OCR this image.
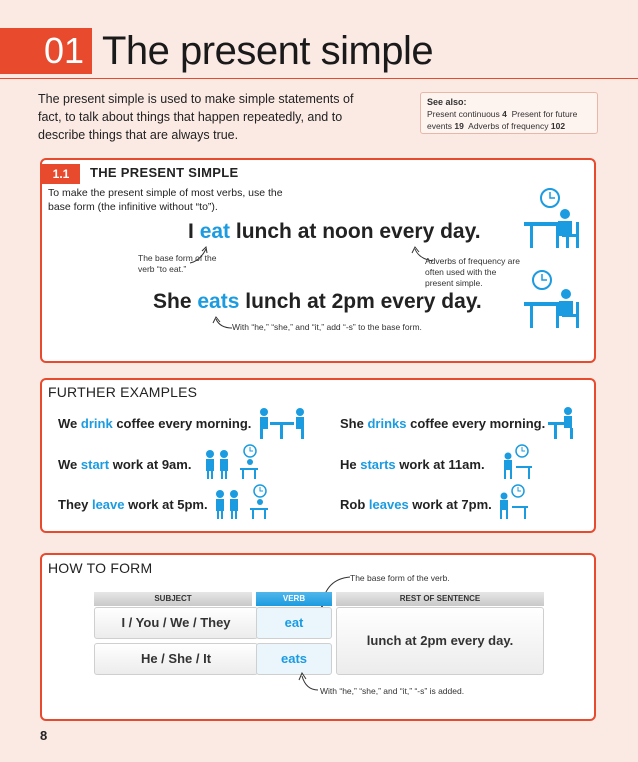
01 The present simple
The present simple is used to make simple statements of fact, to talk about things that happen repeatedly, and to describe things that are always true.
See also:
Present continuous 4 Present for future
events 19 Adverbs of frequency 102
1.1	THE PRESENT SIMPLE
To make the present simple of most verbs, use the base form (the infinitive without “to”).
I eat lunch at noon every day.
The base form of the verb “to eat.”
Adverbs of frequency are often used with the present simple.
She eats lunch at 2pm every day.
With “he,” “she,” and “it,” add “-s” to the base form.
FURTHER EXAMPLES
We drink coffee every morning.	She drinks coffee every morning.
We start work at 9am.	He starts work at 11am.
They leave work at 5pm.	Rob leaves work at 7pm.
HOW TO FORM
The base form of the verb.
SUBJECT	VERB	REST OF SENTENCE
I / You / We / They	eat
He / She / It	eats
lunch at 2pm every day.
With “he,” “she,” and “it,” “-s” is added.
8
